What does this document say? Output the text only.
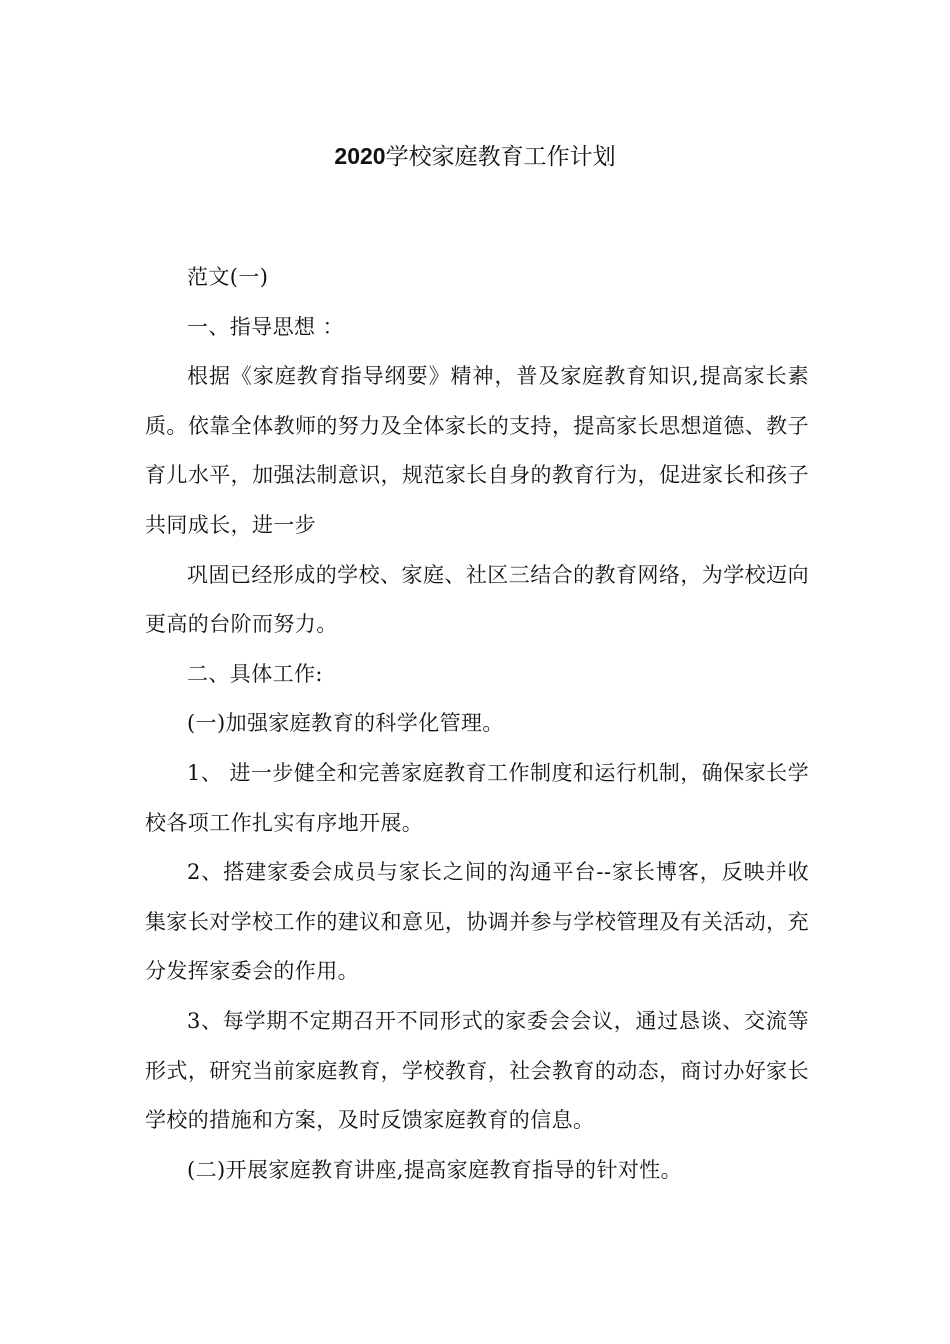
2020学校家庭教育工作计划

范文(一)

一、指导思想 ：

根据《家庭教育指导纲要》精神，普及家庭教育知识,提高家长素质。依靠全体教师的努力及全体家长的支持，提高家长思想道德、教子育儿水平，加强法制意识，规范家长自身的教育行为，促进家长和孩子共同成长，进一步

巩固已经形成的学校、家庭、社区三结合的教育网络，为学校迈向更高的台阶而努力。

二、具体工作:

(一)加强家庭教育的科学化管理。

1、 进一步健全和完善家庭教育工作制度和运行机制，确保家长学校各项工作扎实有序地开展。

2、搭建家委会成员与家长之间的沟通平台--家长博客，反映并收集家长对学校工作的建议和意见，协调并参与学校管理及有关活动，充分发挥家委会的作用。

3、每学期不定期召开不同形式的家委会会议，通过恳谈、交流等形式，研究当前家庭教育，学校教育，社会教育的动态，商讨办好家长学校的措施和方案，及时反馈家庭教育的信息。

(二)开展家庭教育讲座,提高家庭教育指导的针对性。
